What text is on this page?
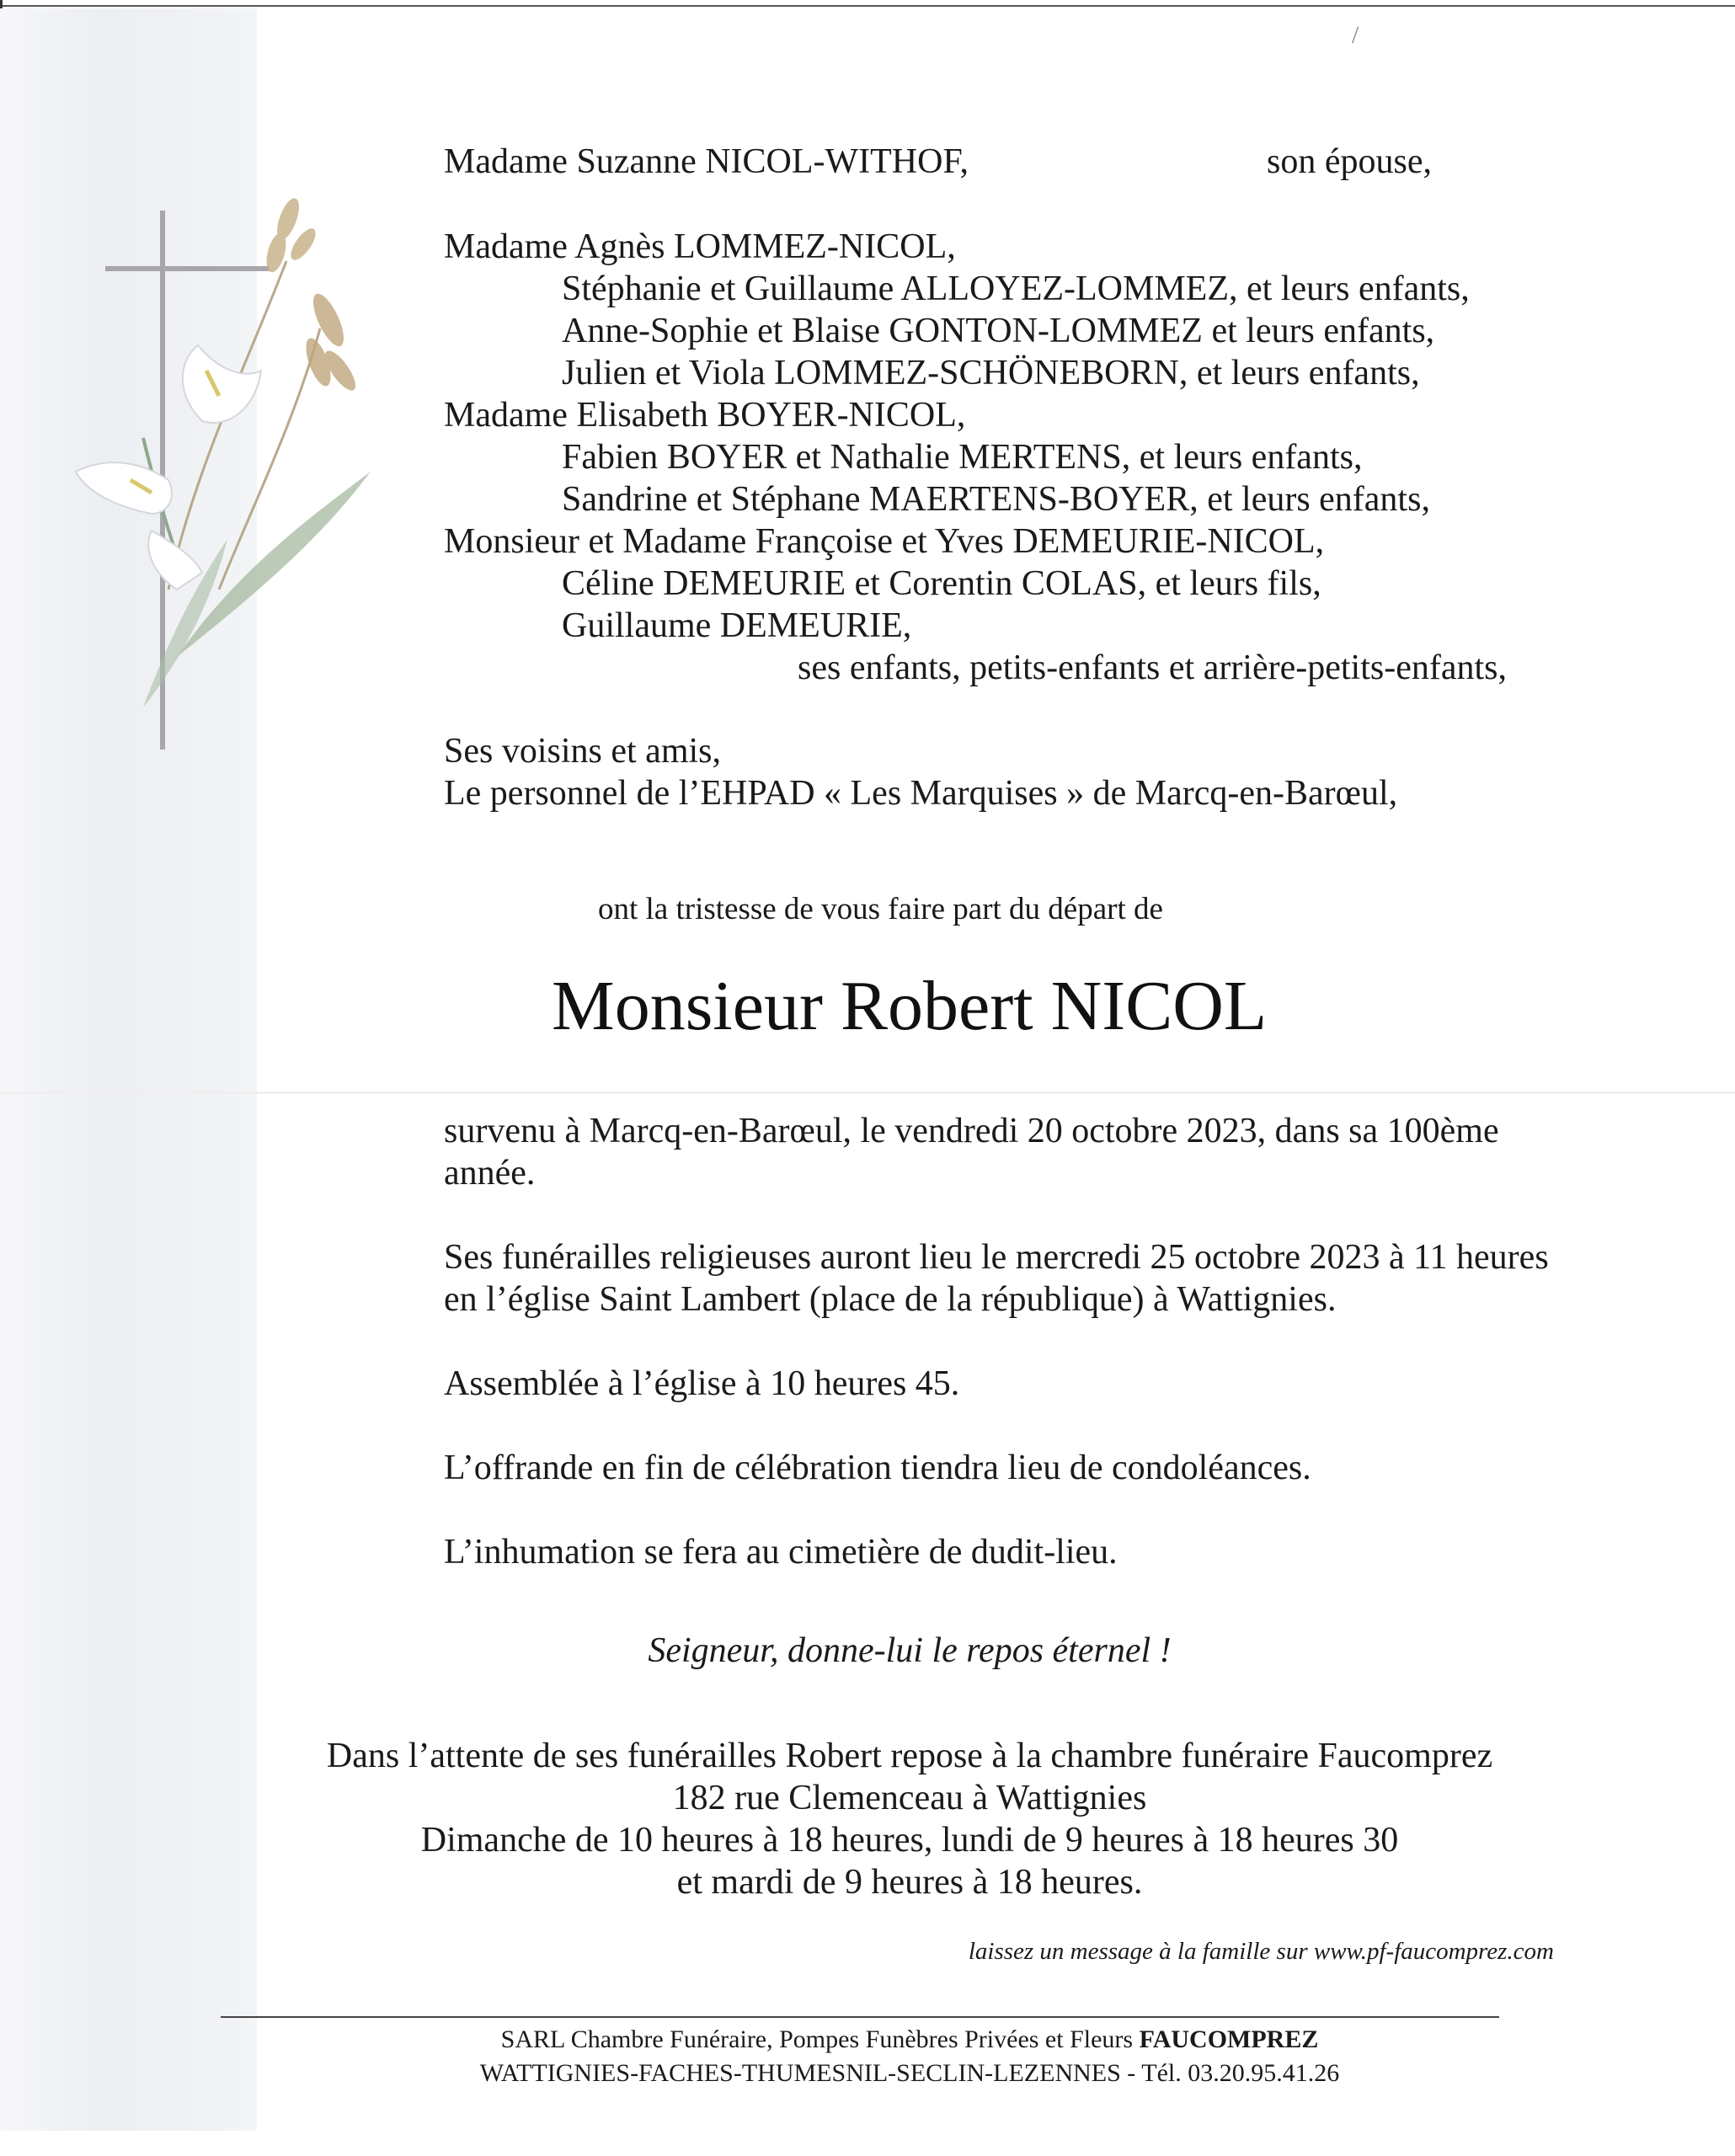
Madame Suzanne NICOL-WITHOF,	son épouse,
Madame Agnès LOMMEZ-NICOL,
Stéphanie et Guillaume ALLOYEZ-LOMMEZ, et leurs enfants,
Anne-Sophie et Blaise GONTON-LOMMEZ et leurs enfants,
Julien et Viola LOMMEZ-SCHÖNEBORN, et leurs enfants,
Madame Elisabeth BOYER-NICOL,
Fabien BOYER et Nathalie MERTENS, et leurs enfants,
Sandrine et Stéphane MAERTENS-BOYER, et leurs enfants,
Monsieur et Madame Françoise et Yves DEMEURIE-NICOL,
Céline DEMEURIE et Corentin COLAS, et leurs fils,
Guillaume DEMEURIE,
ses enfants, petits-enfants et arrière-petits-enfants,
Ses voisins et amis,
Le personnel de l’EHPAD « Les Marquises » de Marcq-en-Barœul,
ont la tristesse de vous faire part du départ de
Monsieur Robert NICOL
survenu à Marcq-en-Barœul, le vendredi 20 octobre 2023, dans sa 100ème
année.
Ses funérailles religieuses auront lieu le mercredi 25 octobre 2023 à 11 heures
en l’église Saint Lambert (place de la république) à Wattignies.
Assemblée à l’église à 10 heures 45.
L’offrande en fin de célébration tiendra lieu de condoléances.
L’inhumation se fera au cimetière de dudit-lieu.
Seigneur, donne-lui le repos éternel !
Dans l’attente de ses funérailles Robert repose à la chambre funéraire Faucomprez
182 rue Clemenceau à Wattignies
Dimanche de 10 heures à 18 heures, lundi de 9 heures à 18 heures 30
et mardi de 9 heures à 18 heures.
laissez un message à la famille sur www.pf-faucomprez.com
SARL Chambre Funéraire, Pompes Funèbres Privées et Fleurs FAUCOMPREZ
WATTIGNIES-FACHES-THUMESNIL-SECLIN-LEZENNES - Tél. 03.20.95.41.26
/
